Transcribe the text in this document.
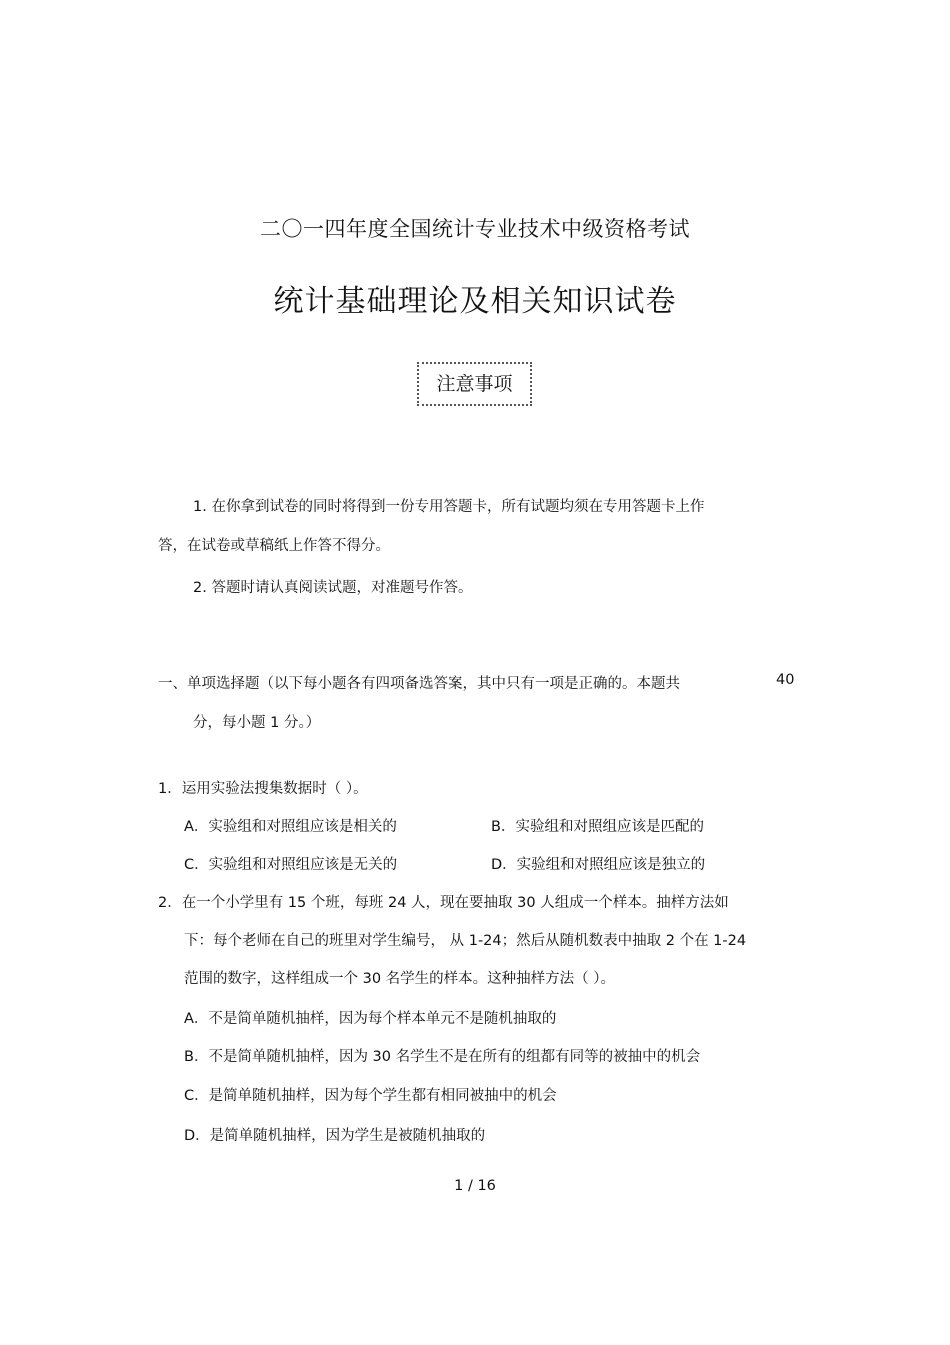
二〇一四年度全国统计专业技术中级资格考试
统计基础理论及相关知识试卷
注意事项
1. 在你拿到试卷的同时将得到一份专用答题卡，所有试题均须在专用答题卡上作
答，在试卷或草稿纸上作答不得分。
2. 答题时请认真阅读试题，对准题号作答。
一、单项选择题（以下每小题各有四项备选答案，其中只有一项是正确的。本题共	40
分，每小题 1 分。）
1．运用实验法搜集数据时（ ）。
A．实验组和对照组应该是相关的	B．实验组和对照组应该是匹配的
C．实验组和对照组应该是无关的	D．实验组和对照组应该是独立的
2．在一个小学里有 15 个班，每班 24 人，现在要抽取 30 人组成一个样本。抽样方法如
下：每个老师在自己的班里对学生编号， 从 1-24；然后从随机数表中抽取 2 个在 1-24
范围的数字，这样组成一个 30 名学生的样本。这种抽样方法（ ）。
A．不是简单随机抽样，因为每个样本单元不是随机抽取的
B．不是简单随机抽样，因为 30 名学生不是在所有的组都有同等的被抽中的机会
C．是简单随机抽样，因为每个学生都有相同被抽中的机会
D．是简单随机抽样，因为学生是被随机抽取的
1 / 16
